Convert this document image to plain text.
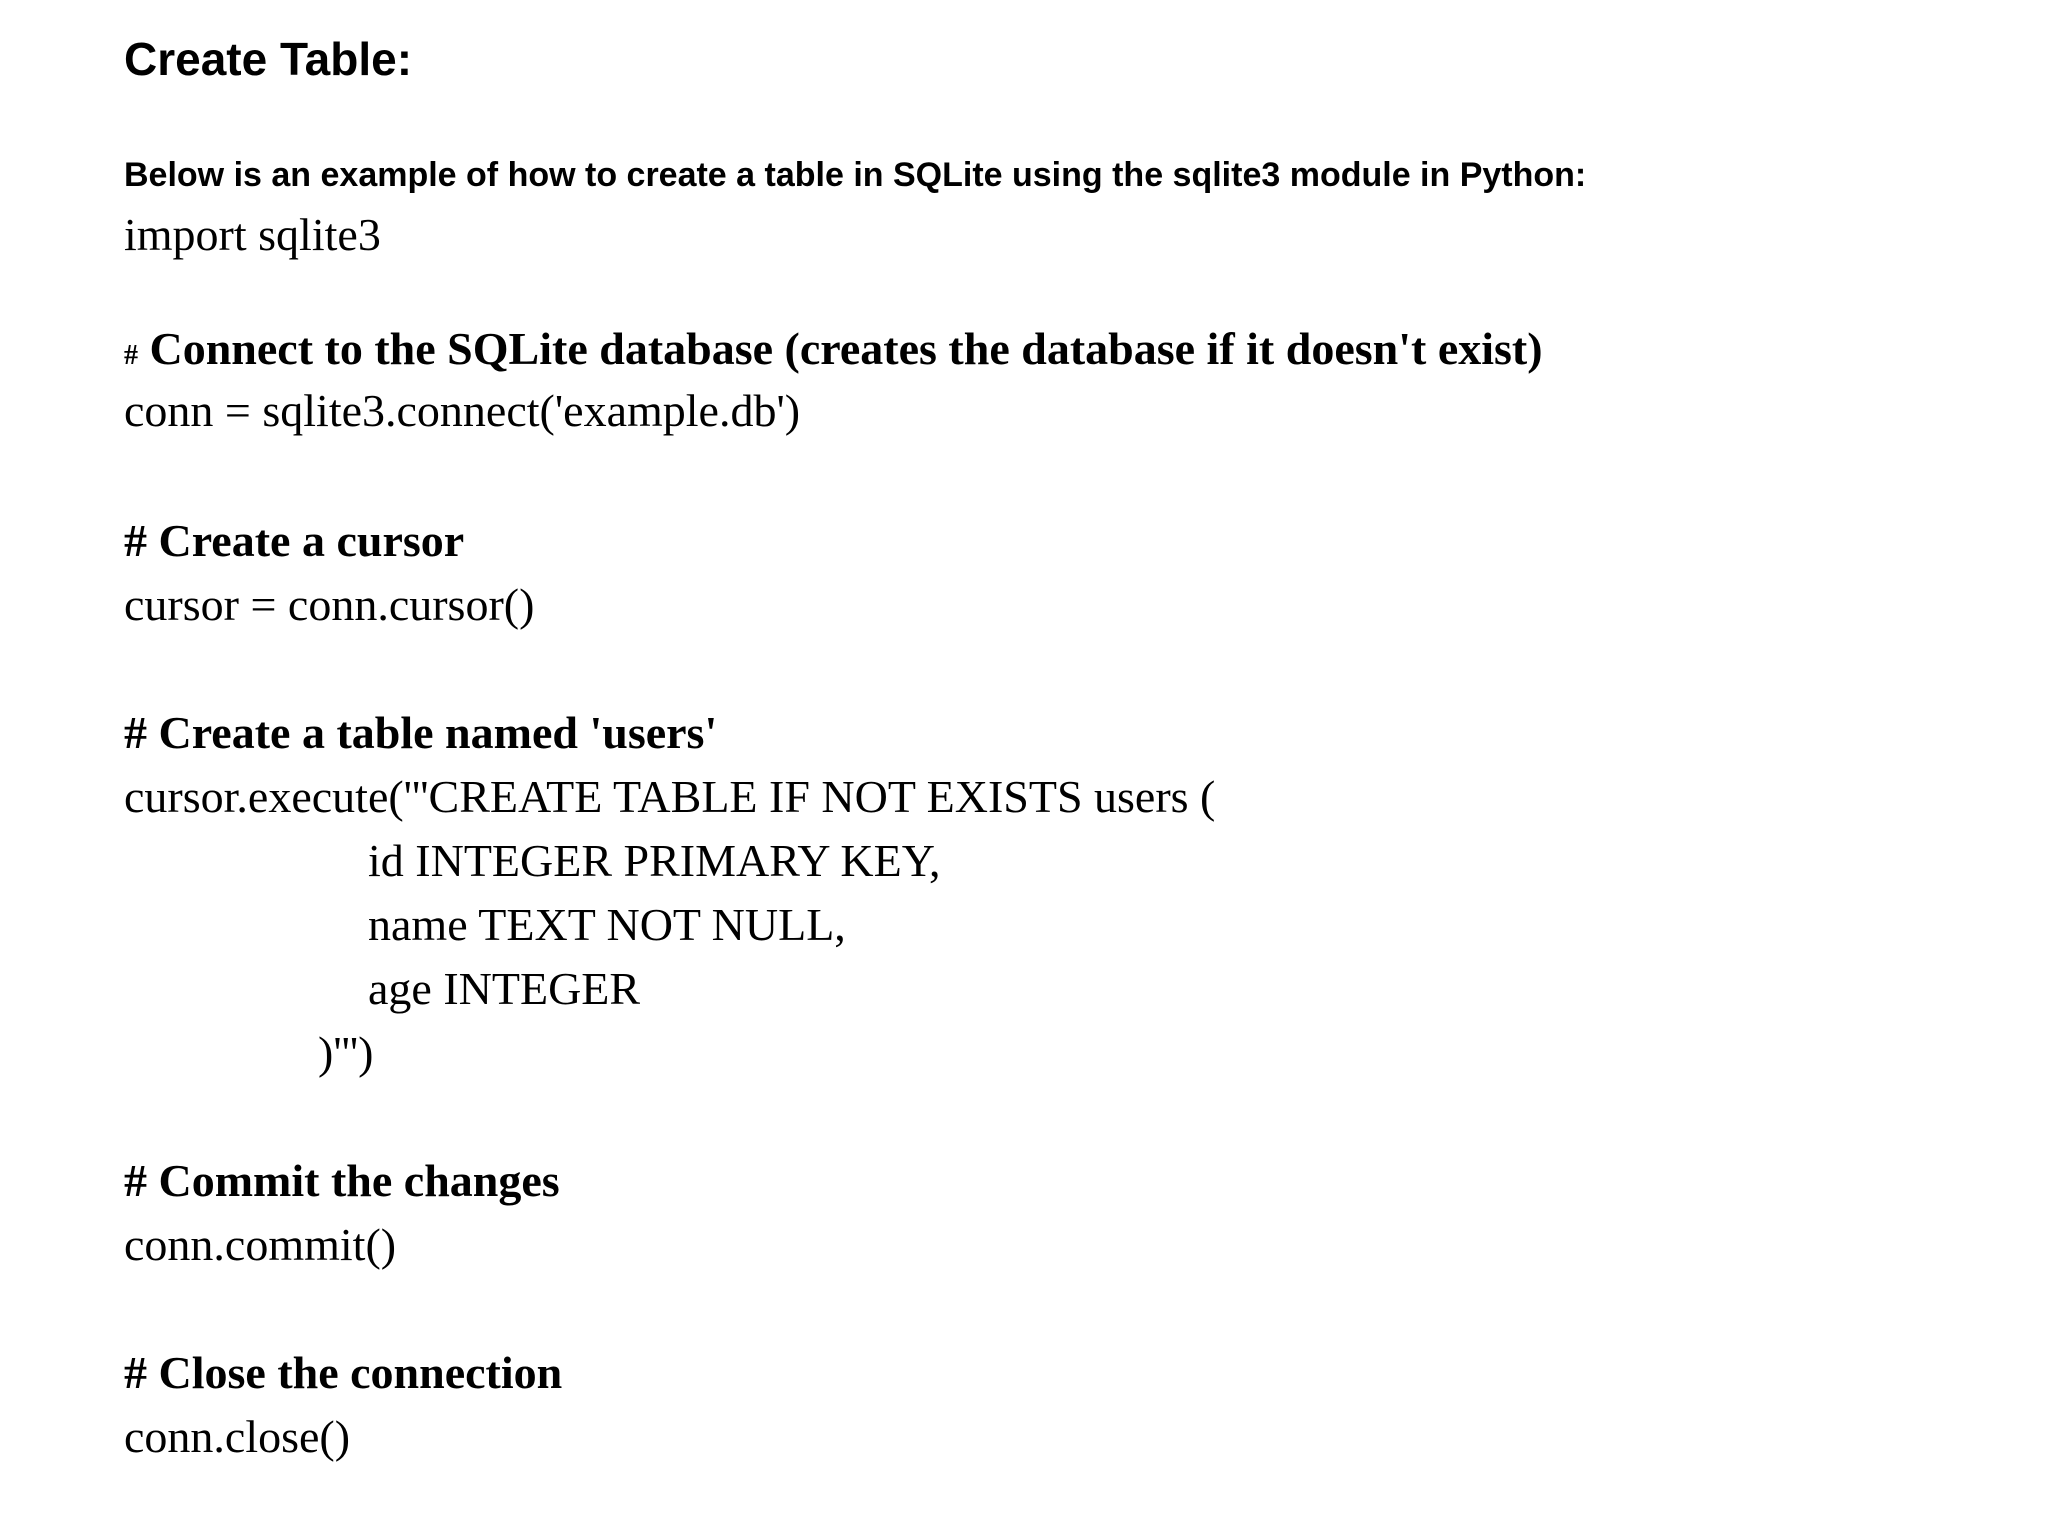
Create Table:
Below is an example of how to create a table in SQLite using the sqlite3 module in Python:
import sqlite3
# Connect to the SQLite database (creates the database if it doesn't exist)
conn = sqlite3.connect('example.db')
# Create a cursor
cursor = conn.cursor()
# Create a table named 'users'
cursor.execute('''CREATE TABLE IF NOT EXISTS users (
id INTEGER PRIMARY KEY,
name TEXT NOT NULL,
age INTEGER
)''')
# Commit the changes
conn.commit()
# Close the connection
conn.close()
